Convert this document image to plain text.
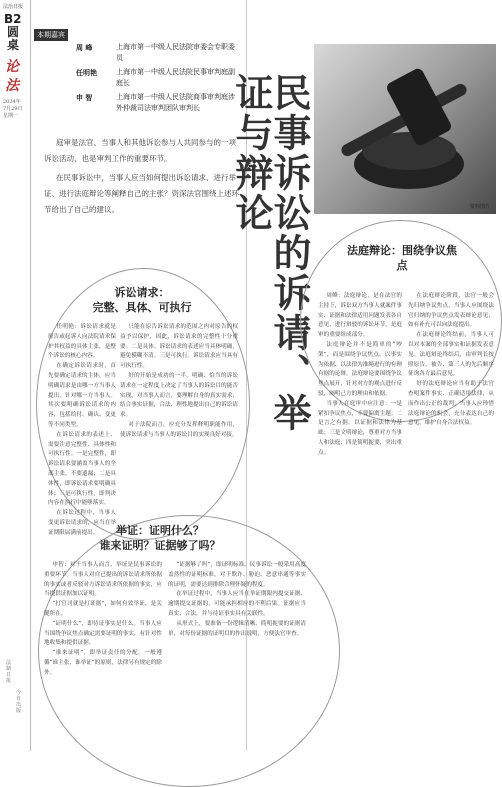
法治日报
B2
圆桌
论法
2024年
7月29日
星期一
法制日报
今日出版
本期嘉宾
周 峰	上海市第一中级人民法院审委会专职委员
任明艳	上海市第一中级人民法院民事审判庭副庭长
申 智	上海市第一中级人民法院商事审判庭涉外仲裁司法审判团队审判长

庭审是法官、当事人和其他诉讼参与人共同参与的一项诉讼活动，也是审判工作的重要环节。

在民事诉讼中，当事人应当如何提出诉讼请求、进行举证、进行法庭辩论等阐释自己的主张？资深法官围绕上述环节给出了自己的建议。	民事诉讼的诉请、举证与辩论	资料图片
诉讼请求：
完整、具体、可执行

任明艳：诉讼请求就是原告或起诉人向法院请求保护其权益的具体主张，是整个诉讼的核心内容。

在确定诉讼请求时，首先要确定请求的主体，应当明确请求是由哪一方当事人提出，针对哪一方当事人。其次要明确诉讼请求的内容，包括给付、确认、变更等不同类型。

在诉讼请求的表述上，需要注意完整性、具体性和可执行性。一是完整性，即诉讼请求要涵盖当事人的全部主张，不要遗漏；二是具体性，即诉讼请求要明确具体；三是可执行性，即判决内容在执行中能够落实。

在诉讼过程中，当事人变更诉讼请求的，应当在举证期限届满前提出。

只能在原告诉讼请求的范围之内对原告的权益予以保护，因此，诉讼请求的完整性十分重要。二是具体。诉讼请求的表述应当具体明确，避免模糊不清。三是可执行。诉讼请求应当具有可执行性。

好的开始是成功的一半，明确、恰当的诉讼请求在一定程度上决定了当事人的诉讼目的能否实现。对当事人而言，要理解自身的真实需求，结合事实证据，合法、理性地提出自己的诉讼请求。

对于法院而言，应充分发挥释明职能作用，使诉讼请求与当事人的诉讼目的实现良好对接。

法庭辩论：围绕争议焦点

周峰：法庭辩论，是在法官的主持下，诉讼双方当事人就案件事实、证据和法律适用问题发表各自意见、进行辩驳的诉讼环节，是庭审的重要组成部分。

法庭辩论并不是简单的“吵架”，而是围绕争议焦点、以事实为依据、以法律为准绳进行的有理有据的论辩。法庭辩论要围绕争议焦点展开，针对对方的观点进行反驳，阐明己方的理由和依据。

当事人在庭审中应注意：一是紧扣争议焦点，不要偏离主题；二是言之有据，以证据和法律为基础；三是文明辩论，尊重对方当事人和法庭；四是简明扼要，突出重点。

在法庭辩论阶段，法官一般会先归纳争议焦点，当事人应围绕法官归纳的争议焦点发表辩论意见，如有补充可以向法庭提出。

在法庭辩论终结前，当事人可以对本案的全部事实和证据发表意见。法庭辩论终结后，由审判长按照原告、被告、第三人的先后顺序征询各方最后意见。

好的法庭辩论应当有助于法官查明案件事实、正确适用法律，从而作出公正的裁判。当事人应珍惜法庭辩论的机会，充分表达自己的意见，维护自身合法权益。

举证：证明什么？
谁来证明？证据够了吗？

申智：对于当事人而言，举证是民事诉讼的重要环节。当事人对自己提出的诉讼请求所依据的事实或者反驳对方诉讼请求所依据的事实，应当提供证据加以证明。

“打官司就是打证据”，如何有效举证，是关键所在。

“证明什么”，即待证事实是什么。当事人应当围绕争议焦点确定需要证明的事实，有针对性地收集和提供证据。

“谁来证明”，即举证责任的分配。一般遵循“谁主张，谁举证”的原则，法律另有规定的除外。

“证据够了吗”，即证明标准。民事诉讼一般采用高度盖然性的证明标准，对于欺诈、胁迫、恶意串通等事实的证明，需要达到排除合理怀疑的程度。

在举证过程中，当事人应当在举证期限内提交证据，逾期提交证据的，可能承担相应的不利后果。证据应当真实、合法，并与待证事实具有关联性。

从形式上，要准备一份逻辑清晰、简明扼要的证据清单，对每份证据的证明目的作出说明，方便法官审查。
